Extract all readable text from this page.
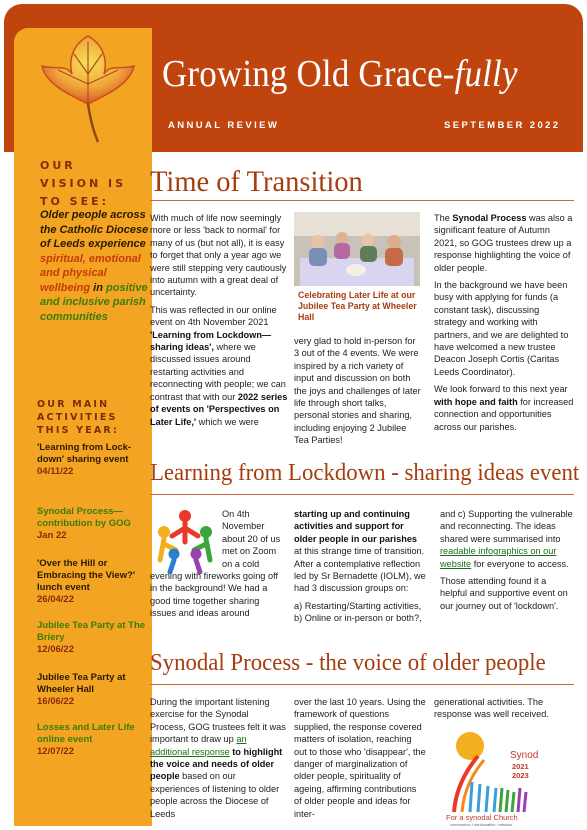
Growing Old Grace-fully
ANNUAL REVIEW	SEPTEMBER 2022
OUR
VISION IS
TO SEE:
Older people across the Catholic Diocese of Leeds experience spiritual, emotional and physical wellbeing in positive and inclusive parish communities
OUR MAIN ACTIVITIES THIS YEAR:
'Learning from Lock-down' sharing event
04/11/22
Synodal Process—contribution by GOG
Jan 22
'Over the Hill or Embracing the View?' lunch event
26/04/22
Jubilee Tea Party at The Briery
12/06/22
Jubilee Tea Party at Wheeler Hall
16/06/22
Losses and Later Life online event
12/07/22
Time of Transition

With much of life now seemingly more or less 'back to normal' for many of us (but not all), it is easy to forget that only a year ago we were still stepping very cautiously into autumn with a great deal of uncertainty.

This was reflected in our online event on 4th November 2021 'Learning from Lockdown—sharing ideas', where we discussed issues around restarting activities and reconnecting with people; we can contrast that with our 2022 series of events on 'Perspectives on Later Life,' which we were

Celebrating Later Life at our Jubilee Tea Party at Wheeler Hall

very glad to hold in-person for 3 out of the 4 events. We were inspired by a rich variety of input and discussion on both the joys and challenges of later life through short talks, personal stories and sharing, including enjoying 2 Jubilee Tea Parties!

The Synodal Process was also a significant feature of Autumn 2021, so GOG trustees drew up a response highlighting the voice of older people.

In the background we have been busy with applying for funds (a constant task), discussing strategy and working with partners, and we are delighted to have welcomed a new trustee Deacon Joseph Cortis (Caritas Leeds Coordinator).

We look forward to this next year with hope and faith for increased connection and opportunities across our parishes.

Learning from Lockdown - sharing ideas event

On 4th November about 20 of us met on Zoom on a cold evening with fireworks going off in the background! We had a good time together sharing issues and ideas around

starting up and continuing activities and support for older people in our parishes at this strange time of transition. After a contemplative reflection led by Sr Bernadette (IOLM), we had 3 discussion groups on:

a) Restarting/Starting activities,

b) Online or in-person or both?,

and c) Supporting the vulnerable and reconnecting. The ideas shared were summarised into readable infographics on our website for everyone to access.

Those attending found it a helpful and supportive event on our journey out of 'lockdown'.

Synodal Process - the voice of older people

During the important listening exercise for the Synodal Process, GOG trustees felt it was important to draw up an additional response to highlight the voice and needs of older people based on our experiences of listening to older people across the Diocese of Leeds

over the last 10 years. Using the framework of questions supplied, the response covered matters of isolation, reaching out to those who 'disappear', the danger of marginalization of older people, spirituality of ageing, affirming contributions of older people and ideas for inter-

generational activities. The response was well received.

Synod
2021
2023
For a synodal Church
communion | participation | mission
